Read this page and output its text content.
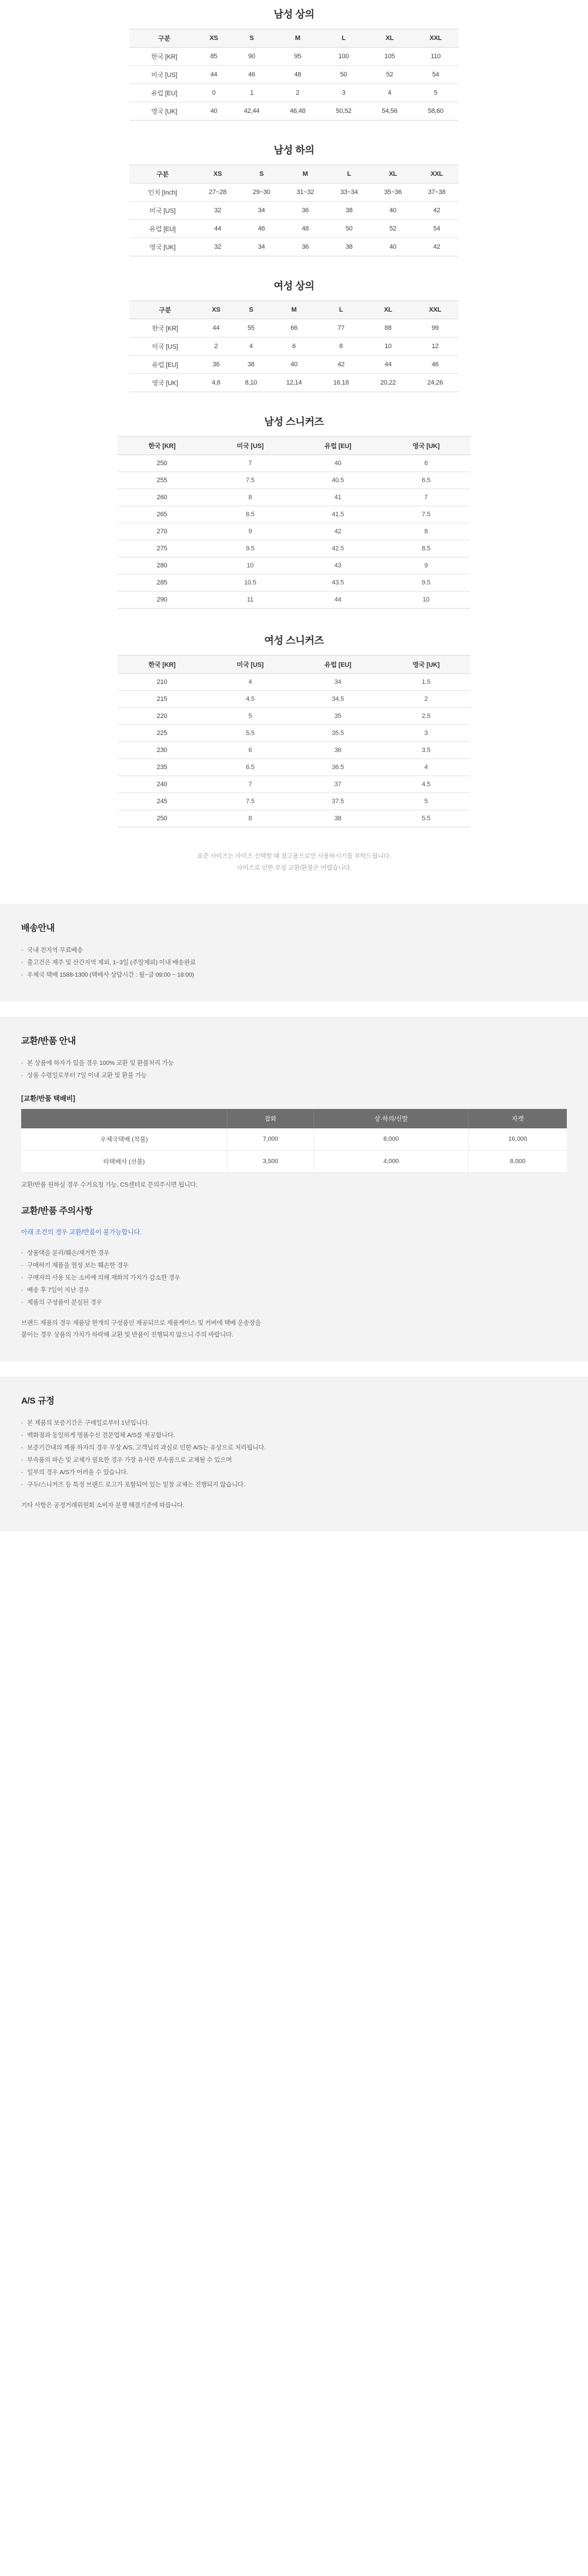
남성 상의
구분	XS	S	M	L	XL	XXL
한국 [KR]	85	90	95	100	105	110
미국 [US]	44	46	48	50	52	54
유럽 [EU]	0	1	2	3	4	5
영국 [UK]	40	42,44	46,48	50,52	54,56	58,60
남성 하의
구분	XS	S	M	L	XL	XXL
인치 [Inch]	27~28	29~30	31~32	33~34	35~36	37~38
미국 [US]	32	34	36	38	40	42
유럽 [EU]	44	46	48	50	52	54
영국 [UK]	32	34	36	38	40	42
여성 상의
구분	XS	S	M	L	XL	XXL
한국 [KR]	44	55	66	77	88	99
미국 [US]	2	4	6	8	10	12
유럽 [EU]	36	38	40	42	44	46
영국 [UK]	4,6	8,10	12,14	16,18	20,22	24,26
남성 스니커즈
한국 [KR]	미국 [US]	유럽 [EU]	영국 [UK]
250	7	40	6
255	7.5	40.5	6.5
260	8	41	7
265	8.5	41.5	7.5
270	9	42	8
275	9.5	42.5	8.5
280	10	43	9
285	10.5	43.5	9.5
290	11	44	10
여성 스니커즈
한국 [KR]	미국 [US]	유럽 [EU]	영국 [UK]
210	4	34	1.5
215	4.5	34.5	2
220	5	35	2.5
225	5.5	35.5	3
230	6	36	3.5
235	6.5	36.5	4
240	7	37	4.5
245	7.5	37.5	5
250	8	38	5.5
표준 사이즈는 사이즈 선택할 때 참고용으로만 사용하시기를 부탁드립니다.
사이즈로 인한 무상 교환/환불은 어렵습니다.
배송안내
- 국내 전지역 무료배송
- 출고건은 제주 및 산간지역 제외, 1~3일 (주말제외) 이내 배송완료
- 우체국 택배 1588-1300 (택배사 상담시간 : 월~금 09:00 ~ 18:00)
교환/반품 안내
- 본 상품에 하자가 있을 경우 100% 교환 및 환불처리 가능
- 상품 수령일로부터 7일 이내 교환 및 환불 가능
[교환/반품 택배비]
	잡화	상·하의/신발	자켓
우체국택배 (착불)	7,000	8,000	16,000
타택배사 (선불)	3,500	4,000	8,000
교환/반품 원하실 경우 수거요청 가능, CS센터로 문의주시면 됩니다.
교환/반품 주의사항
아래 조건의 경우 교환/반품이 불가능합니다.
- 상품택을 분리/훼손/제거한 경우
- 구매하기 제품을 열성 보는 훼손한 경우
- 구매자의 사용 또는 소비에 의해 재화의 가치가 감소한 경우
- 배송 후 7일이 지난 경우
- 제품의 구성품이 분실된 경우

브랜드 제품의 경우 제품당 한개의 구성품인 제공되므로 제품케이스 및 커버에 택배 운송장을
붙이는 경우 상품의 가치가 하락해 교환 및 반품이 진행되지 않으니 주의 바랍니다.

A/S 규정
- 본 제품의 보증기간은 구매일로부터 1년입니다.
- 백화점과 동일하게 명품수선 전문업체 A/S를 제공합니다.
- 보증기간내의 제품 하자의 경우 무상 A/S, 고객님의 과실로 인한 A/S는 유상으로 처리됩니다.
- 부속품의 파손 및 교체가 필요한 경우 가장 유사한 부속품으로 교체될 수 있으며
- 일부의 경우 A/S가 어려울 수 있습니다.
- 구두/스니커즈 등 특정 브랜드 로고가 포함되어 있는 밑창 교체는 진행되지 않습니다.

기타 사항은 공정거래위원회 소비자 분쟁 해결기준에 따릅니다.
